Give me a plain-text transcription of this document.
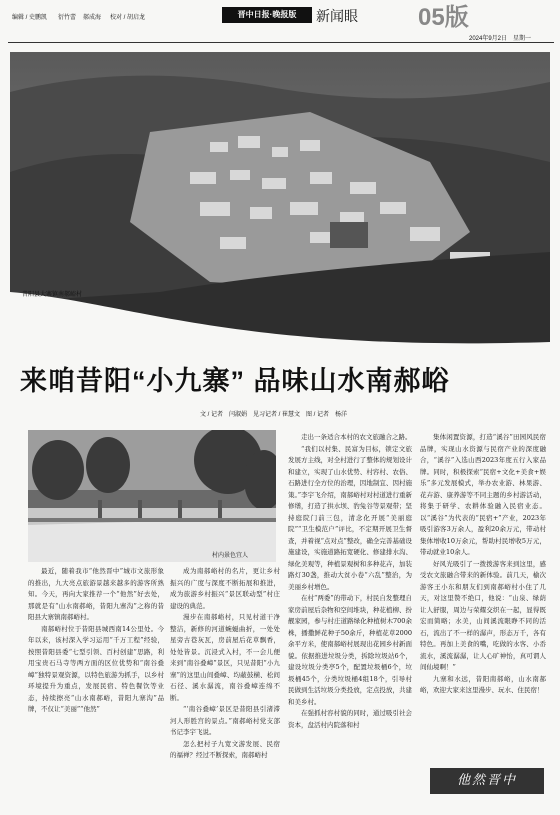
编辑 / 史鹏凯 衍竹蕾 郝成海 校对 / 胡启龙	晋中日报·晚报版	新闻眼	05版
2024年9月2日　星期一
昔阳县大寨镇南郝峪村
来咱昔阳“小九寨” 品味山水南郝峪
文 / 记者　闫淑娟　见习记者 / 崔慧文　图 / 记者　杨洋
村内景色宜人

最近，随着我市“他然晋中”城市文旅形象的推出，九大亮点旅游景越来越多的游客所熟知。今天，再向大家推荐一个“他然”好去处，那就是有“山水南郝峪，昔阳九寨沟”之称的昔阳县大寨镇南郝峪村。

南郝峪村位于昔阳县城西南14公里处。今年以来，该村深入学习运用“千万工程”经验，按照昔阳县委“七型引领、百村创建”思路，利用宝贵石马寺等两方面的区位优势和“南谷叠嶂”独特景观资源，以特色旅游为抓手，以乡村环境提升为重点，发展民宿、特色餐饮等业态，持续擦亮“山水南郝峪，昔阳九寨沟”品牌，不仅让“美丽”“他然”

成为南郝峪村的名片，更让乡村振兴的广度与深度不断拓展和推进，成为旅游乡村振兴“景区联动型”村庄建设的典范。

漫步在南郝峪村，只见村道干净整洁，新修的河道蜿蜒曲折，一处处星旁古巷灰瓦，房前屋后花草飘香，处处皆景。沉浸式入村，不一会儿便来到“南谷叠嶂”景区，只见昔阳“小九寨”的这里山间叠嶂、均蔽鼓横、松间石径、溪水潺流，南谷叠嶂连绵不断。

“‘南谷叠嶂’景区是昔阳县引渚滞河人形胜宫的景点。”南郝峪村党支部书记李宇飞说。

怎么把村子九宽文游发展、民宿的福禅？经过不断探索，南郝峪村

走出一条适合本村的农文旅融合之路。

“我们以村集、民富为目标，锁定文旅发展方主线，对全村进行了整体的规划设计和建立，实现了山水优势、村容村、农俗、石路进行全方位的治理，因地制宜、因村施策。”李宇飞介绍，南郝峪村对村道进行重新修缮，打造了拱水坝、豹兔谷等景观带；坚持庭院门前三包，清念化开展“美丽庭院”“卫生模范户”评比，不定期开展卫生督查，并着视“点对点”整改，确全完善基础设施建设，实施道路拓宽硬化、修建排水沟、绿化美观等，种植景观树和多种花卉，加装路灯30盏，推动大贫小卷“六乱”整治，为美丽乡村增色。

在村“两委”的带动下，村民自发整理自家房前屋后杂物和空间堆块，种花植柳、扮靓家园，参与村庄道路绿化种植树木700余株，播撒鲜花种子50余斤，种植花草2000余平方米，使南郝峪村展现出花园乡村新面貌。依据推进垃圾分类，拆除垃圾站6个，建设垃圾分类亭5个，配置垃圾桶6个，垃圾桶45个，分类垃圾桶4组18个，引导村民做到生活垃圾分类投放，定点投放，共建和美乡村。

在强抓村容村貌的同时，通过吸引社会资本，盘活村内院落和村

集体闲置资源，打造“溪谷”田园风民宿品牌，实现山水资源与民宿产业的深度融合，“溪谷”入选山西2023年度五行入家品牌。同时，积极探索“民宿+文化+美食+娱乐”多元发展模式，举办农业游、林果游、花卉游、康养游等不同主题的乡村游活动，将集于研学、农耕体验融入民宿业态。以“溪谷”为代表的“民宿+”产业，2023年吸引游客3万余人，盈利20余万元，带动村集体增收10万余元，帮助村民增收5万元，带动就业10余人。

好风光吸引了一拨拨游客来到这里，感受农文旅融合带来的新体验。前几天，榆次游客王小东和朋友们到南郝峪村小住了几天，对这里赞不绝口，他说：“山泉、绿荫让人舒服，周边与荣耀交织在一起，显得既宏而简略；水美，山间溪流眼睁不同的活石，流出了不一样的潺声，形态万千，各有特色。再加上美食的嘴，吃做的水客、小岙流水，溪流潺潺，让人心旷神怡，真可谓人间仙境啊！”

九寨和水远，昔阳南郝峪，山水南郝峪，欢迎大家来这里漫步、玩水、住民宿！

他然晋中
